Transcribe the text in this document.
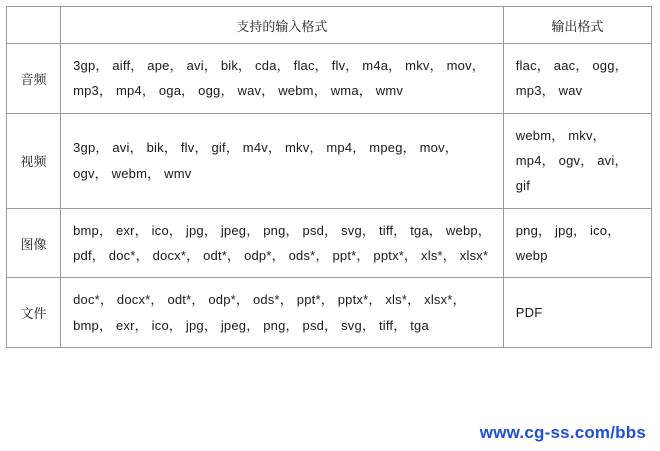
	支持的输入格式	输出格式
音频	3gp， aiff， ape， avi， bik， cda， flac， flv， m4a， mkv， mov， mp3， mp4， oga， ogg， wav， webm， wma， wmv	flac， aac， ogg， mp3， wav
视频	3gp， avi， bik， flv， gif， m4v， mkv， mp4， mpeg， mov， ogv， webm， wmv	webm， mkv， mp4， ogv， avi， gif
图像	bmp， exr， ico， jpg， jpeg， png， psd， svg， tiff， tga， webp， pdf， doc*， docx*， odt*， odp*， ods*， ppt*， pptx*， xls*， xlsx*	png， jpg， ico， webp
文件	doc*， docx*， odt*， odp*， ods*， ppt*， pptx*， xls*， xlsx*， bmp， exr， ico， jpg， jpeg， png， psd， svg， tiff， tga	PDF
www.cg-ss.com/bbs
